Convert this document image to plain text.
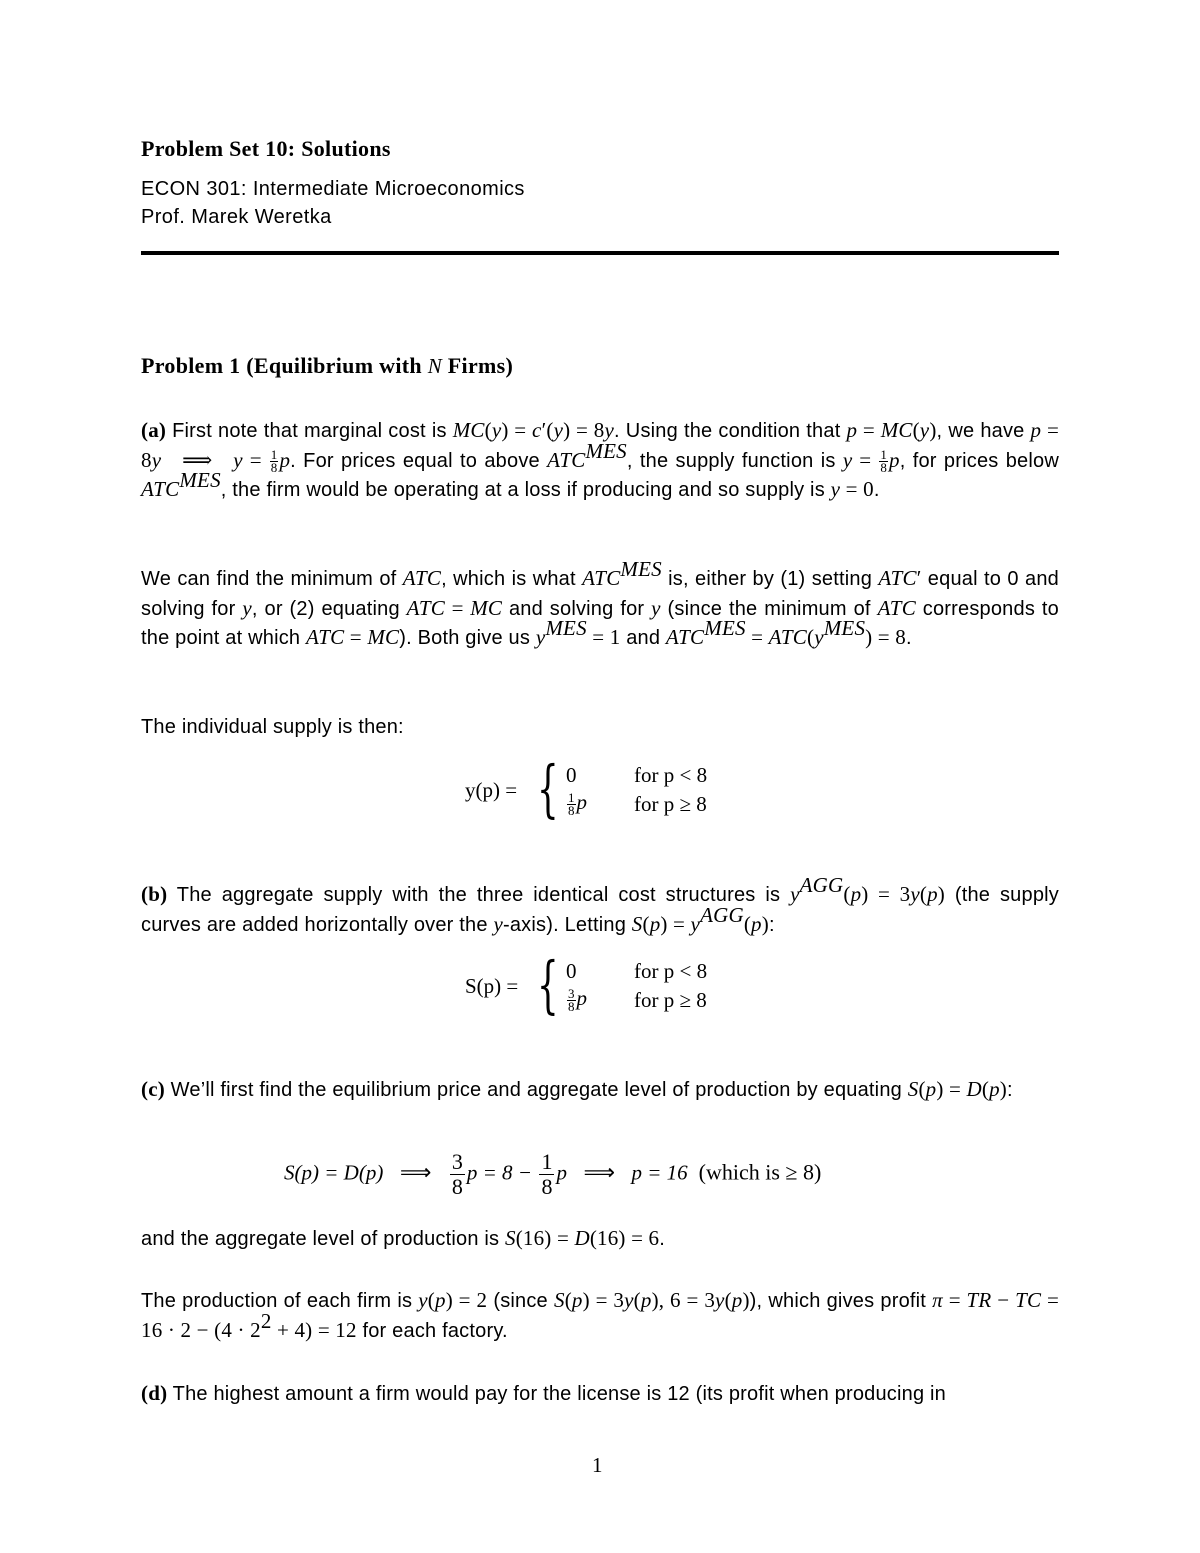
Problem Set 10: Solutions
ECON 301: Intermediate Microeconomics
Prof. Marek Weretka
Problem 1 (Equilibrium with N Firms)
(a) First note that marginal cost is MC(y) = c′(y) = 8y. Using the condition that p = MC(y), we have p = 8y   ⟹   $y = \frac{1}{8} p$. For prices equal to above $ATC^{MES}$, the supply function is $y = \frac{1}{8} p$, for prices below $ATC^{MES}$, the firm would be operating at a loss if producing and so supply is y = 0.
We can find the minimum of ATC, which is what $ATC^{MES}$ is, either by (1) setting ATC′ equal to 0 and solving for y, or (2) equating ATC = MC and solving for y (since the minimum of ATC corresponds to the point at which ATC = MC). Both give us $y^{MES} = 1$ and $ATC^{MES} = ATC(y^{MES}) = 8$.
The individual supply is then:
y(p) = { 0	for p < 8
$\frac{1}{8}$ p for p ≥ 8
(b) The aggregate supply with the three identical cost structures is $y^{AGG}(p) = 3y(p)$ (the supply curves are added horizontally over the y-axis). Letting $S(p) = y^{AGG}(p)$:
S(p) = { 0	for p < 8
$\frac{3}{8}$ p for p ≥ 8
(c) We’ll first find the equilibrium price and aggregate level of production by equating S(p) = D(p):
S(p) = D(p) ⟹ $\frac{3}{8}$ $p = 8 - \frac{1}{8}$ p ⟹ p = 16 (which is ≥ 8)
and the aggregate level of production is S(16) = D(16) = 6.
The production of each firm is y(p) = 2 (since S(p) = 3y(p), 6 = 3y(p)), which gives profit π = TR − TC = $16 \cdot 2 - (4 \cdot 2^2 + 4) = 12$ for each factory.
(d) The highest amount a firm would pay for the license is 12 (its profit when producing in
1
